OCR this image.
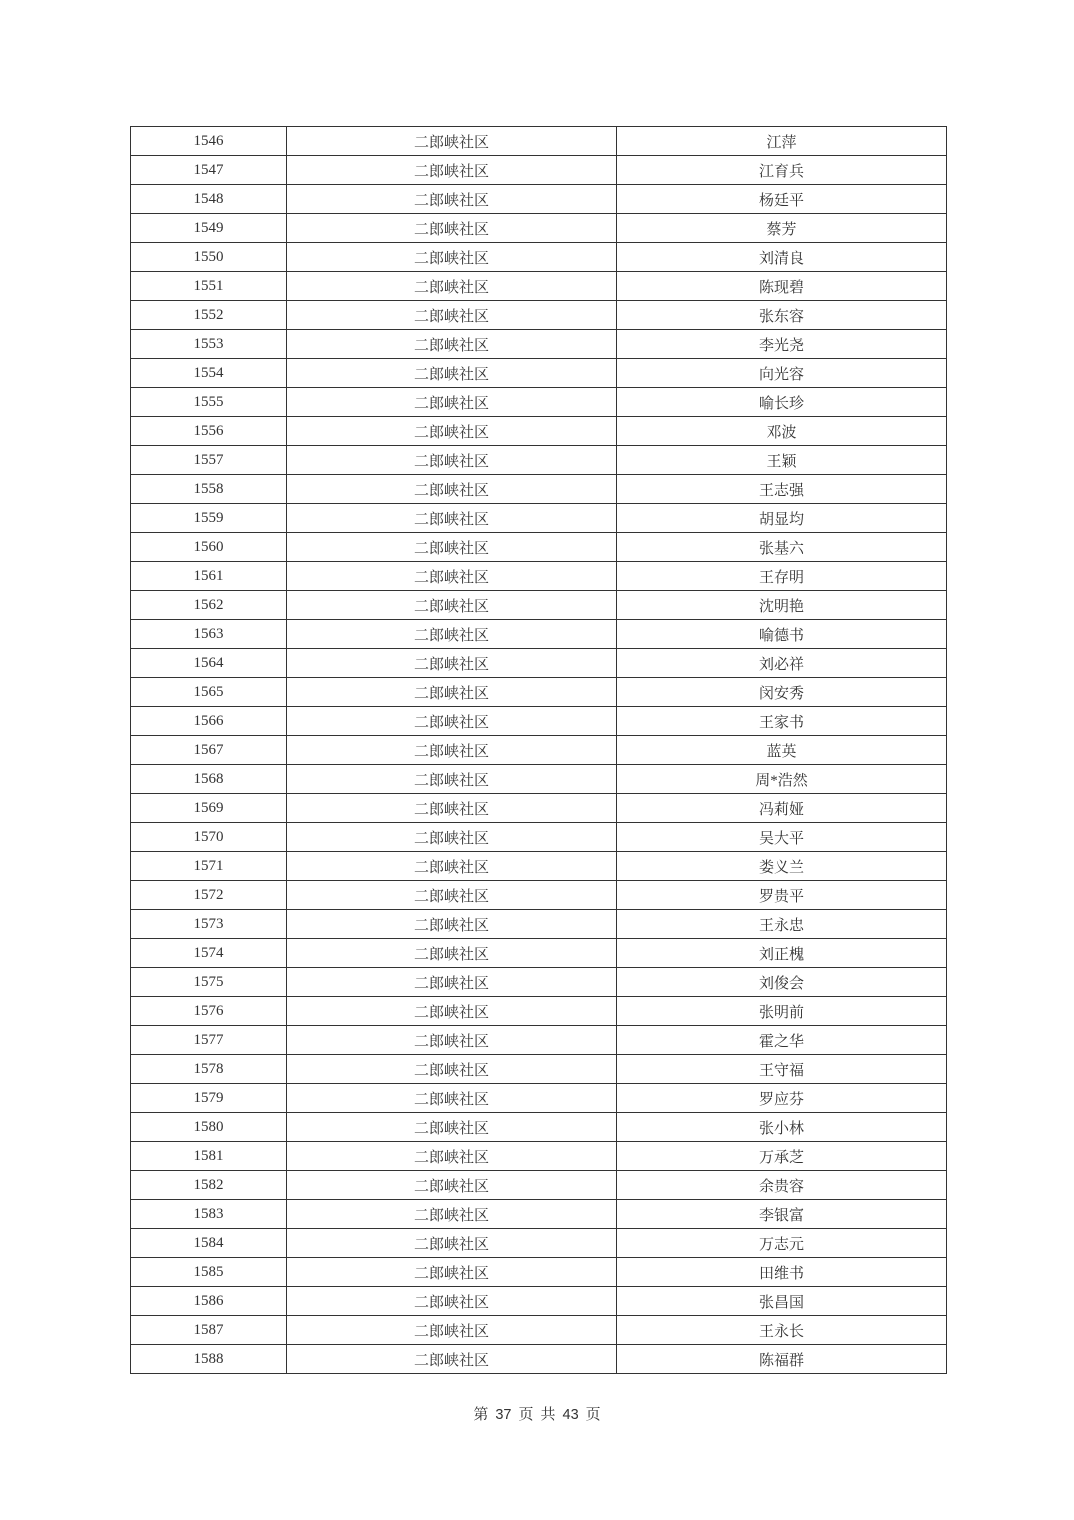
1546	二郎峡社区	江萍
1547	二郎峡社区	江育兵
1548	二郎峡社区	杨廷平
1549	二郎峡社区	蔡芳
1550	二郎峡社区	刘清良
1551	二郎峡社区	陈现碧
1552	二郎峡社区	张东容
1553	二郎峡社区	李光尧
1554	二郎峡社区	向光容
1555	二郎峡社区	喻长珍
1556	二郎峡社区	邓波
1557	二郎峡社区	王颖
1558	二郎峡社区	王志强
1559	二郎峡社区	胡显均
1560	二郎峡社区	张基六
1561	二郎峡社区	王存明
1562	二郎峡社区	沈明艳
1563	二郎峡社区	喻德书
1564	二郎峡社区	刘必祥
1565	二郎峡社区	闵安秀
1566	二郎峡社区	王家书
1567	二郎峡社区	蓝英
1568	二郎峡社区	周*浩然
1569	二郎峡社区	冯莉娅
1570	二郎峡社区	吴大平
1571	二郎峡社区	娄义兰
1572	二郎峡社区	罗贵平
1573	二郎峡社区	王永忠
1574	二郎峡社区	刘正槐
1575	二郎峡社区	刘俊会
1576	二郎峡社区	张明前
1577	二郎峡社区	霍之华
1578	二郎峡社区	王守福
1579	二郎峡社区	罗应芬
1580	二郎峡社区	张小林
1581	二郎峡社区	万承芝
1582	二郎峡社区	余贵容
1583	二郎峡社区	李银富
1584	二郎峡社区	万志元
1585	二郎峡社区	田维书
1586	二郎峡社区	张昌国
1587	二郎峡社区	王永长
1588	二郎峡社区	陈福群
第 37 页 共 43 页
